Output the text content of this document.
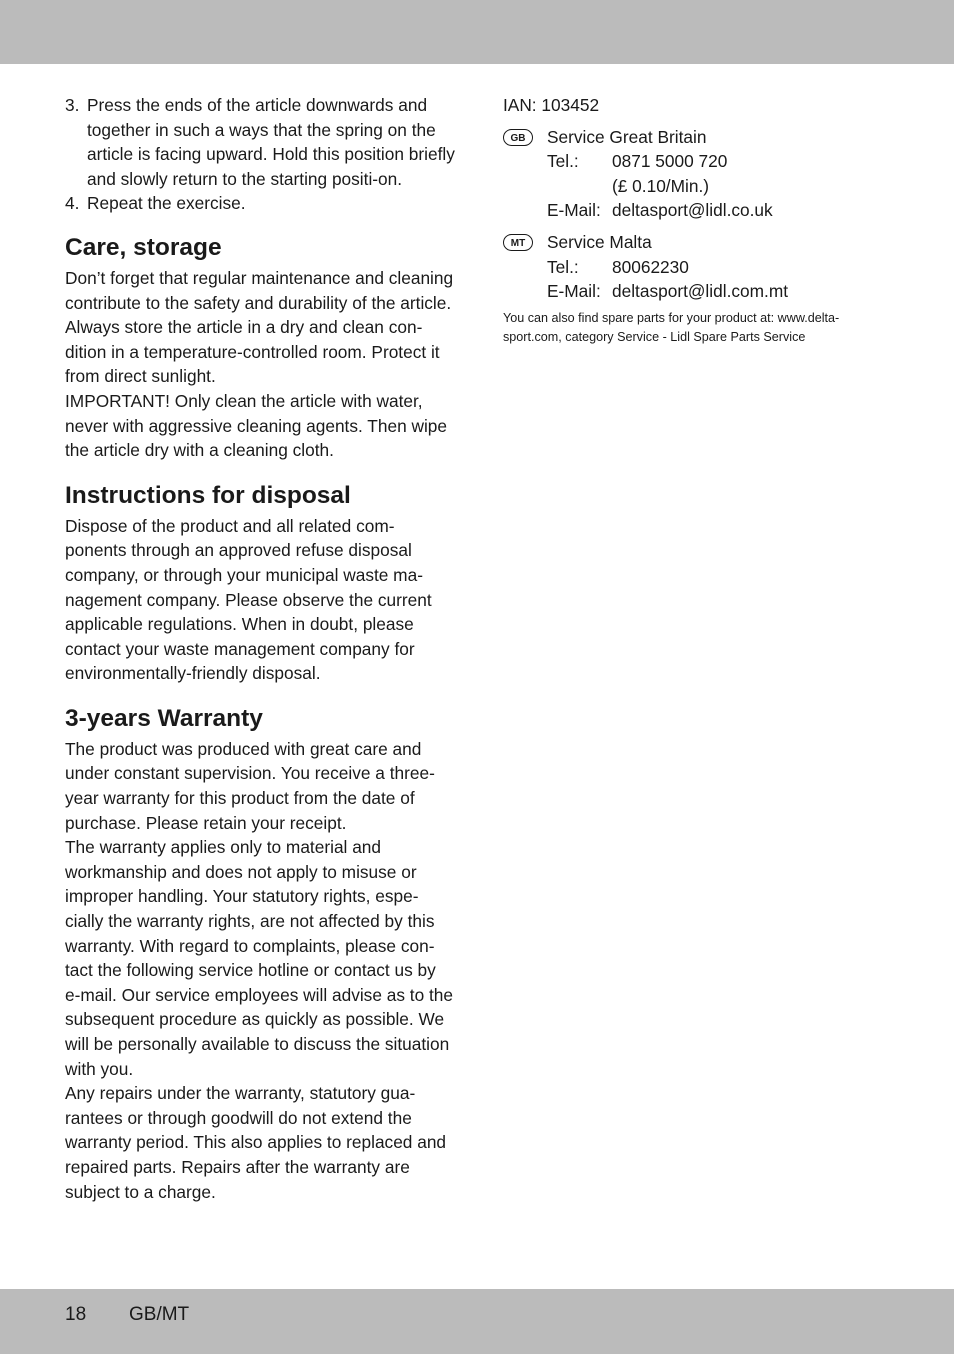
3. Press the ends of the article downwards and together in such a ways that the spring on the article is facing upward. Hold this position briefly and slowly return to the starting positi-on.
4. Repeat the exercise.
Care, storage

Don’t forget that regular maintenance and cleaning contribute to the safety and durability of the article.

Always store the article in a dry and clean con-dition in a temperature-controlled room. Protect it from direct sunlight.

IMPORTANT! Only clean the article with water, never with aggressive cleaning agents. Then wipe the article dry with a cleaning cloth.

Instructions for disposal

Dispose of the product and all related com-ponents through an approved refuse disposal company, or through your municipal waste ma-nagement company. Please observe the current applicable regulations. When in doubt, please contact your waste management company for environmentally-friendly disposal.

3-years Warranty

The product was produced with great care and under constant supervision. You receive a three-year warranty for this product from the date of purchase. Please retain your receipt.

The warranty applies only to material and workmanship and does not apply to misuse or improper handling. Your statutory rights, espe-cially the warranty rights, are not affected by this warranty. With regard to complaints, please con-tact the following service hotline or contact us by e-mail. Our service employees will advise as to the subsequent procedure as quickly as possible. We will be personally available to discuss the situation with you.

Any repairs under the warranty, statutory gua-rantees or through goodwill do not extend the warranty period. This also applies to replaced and repaired parts. Repairs after the warranty are subject to a charge.

IAN: 103452

GB	Service Great Britain
Tel.:	0871 5000 720
(£ 0.10/Min.)
E-Mail: deltasport@lidl.co.uk
MT	Service Malta
Tel.:	80062230
E-Mail: deltasport@lidl.com.mt

You can also find spare parts for your product at: www.delta-sport.com, category Service - Lidl Spare Parts Service

18 GB/MT
